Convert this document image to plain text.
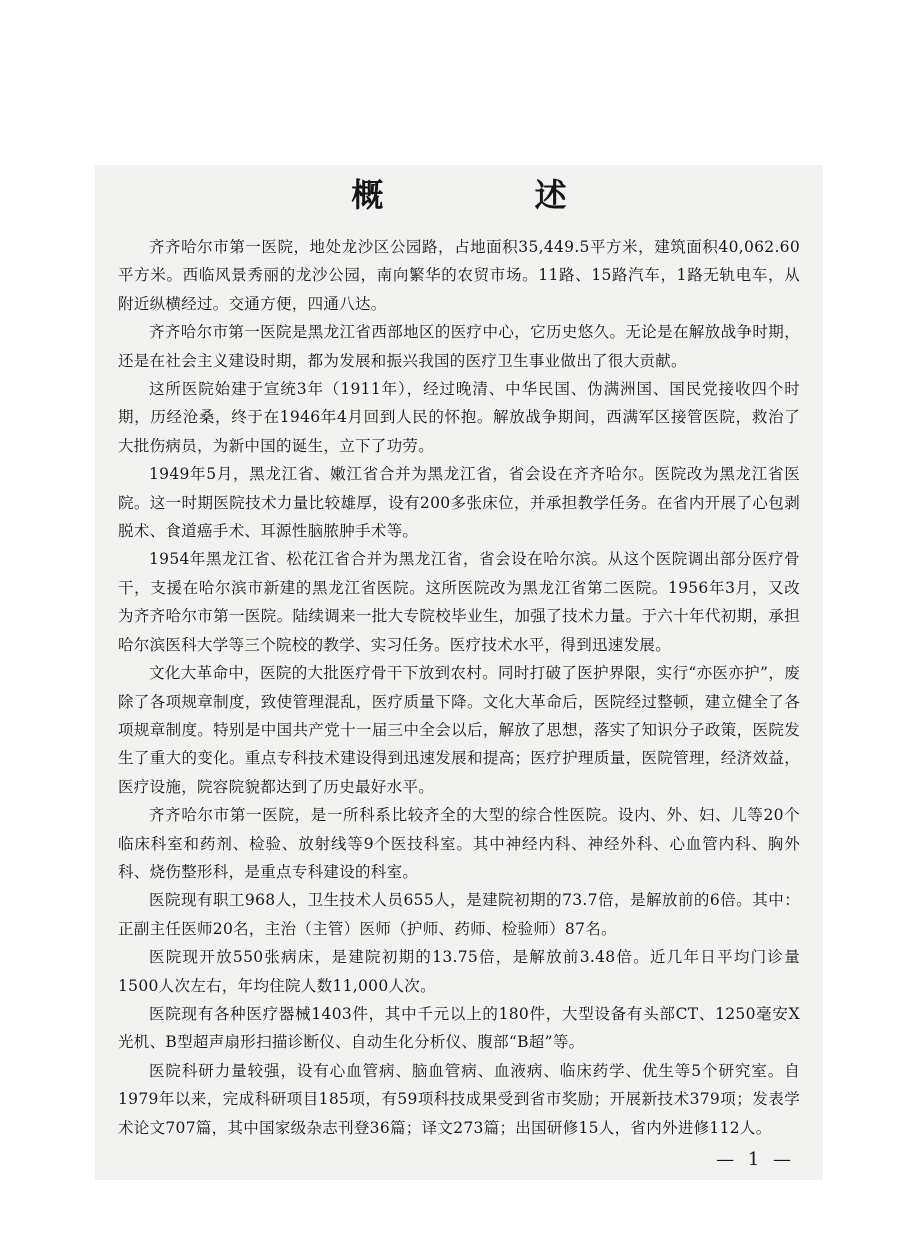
概 述

齐齐哈尔市第一医院，地处龙沙区公园路，占地面积35,449.5平方米，建筑面积40,062.60平方米。西临风景秀丽的龙沙公园，南向繁华的农贸市场。11路、15路汽车，1路无轨电车，从附近纵横经过。交通方便，四通八达。

齐齐哈尔市第一医院是黑龙江省西部地区的医疗中心，它历史悠久。无论是在解放战争时期，还是在社会主义建设时期，都为发展和振兴我国的医疗卫生事业做出了很大贡献。

这所医院始建于宣统3年（1911年），经过晚清、中华民国、伪满洲国、国民党接收四个时期，历经沧桑，终于在1946年4月回到人民的怀抱。解放战争期间，西满军区接管医院，救治了大批伤病员，为新中国的诞生，立下了功劳。

1949年5月，黑龙江省、嫩江省合并为黑龙江省，省会设在齐齐哈尔。医院改为黑龙江省医院。这一时期医院技术力量比较雄厚，设有200多张床位，并承担教学任务。在省内开展了心包剥脱术、食道癌手术、耳源性脑脓肿手术等。

1954年黑龙江省、松花江省合并为黑龙江省，省会设在哈尔滨。从这个医院调出部分医疗骨干，支援在哈尔滨市新建的黑龙江省医院。这所医院改为黑龙江省第二医院。1956年3月，又改为齐齐哈尔市第一医院。陆续调来一批大专院校毕业生，加强了技术力量。于六十年代初期，承担哈尔滨医科大学等三个院校的教学、实习任务。医疗技术水平，得到迅速发展。

文化大革命中，医院的大批医疗骨干下放到农村。同时打破了医护界限，实行“亦医亦护”，废除了各项规章制度，致使管理混乱，医疗质量下降。文化大革命后，医院经过整顿，建立健全了各项规章制度。特别是中国共产党十一届三中全会以后，解放了思想，落实了知识分子政策，医院发生了重大的变化。重点专科技术建设得到迅速发展和提高；医疗护理质量，医院管理，经济效益，医疗设施，院容院貌都达到了历史最好水平。

齐齐哈尔市第一医院，是一所科系比较齐全的大型的综合性医院。设内、外、妇、儿等20个临床科室和药剂、检验、放射线等9个医技科室。其中神经内科、神经外科、心血管内科、胸外科、烧伤整形科，是重点专科建设的科室。

医院现有职工968人，卫生技术人员655人，是建院初期的73.7倍，是解放前的6倍。其中：正副主任医师20名，主治（主管）医师（护师、药师、检验师）87名。

医院现开放550张病床，是建院初期的13.75倍，是解放前3.48倍。近几年日平均门诊量1500人次左右，年均住院人数11,000人次。

医院现有各种医疗器械1403件，其中千元以上的180件，大型设备有头部CT、1250毫安X光机、B型超声扇形扫描诊断仪、自动生化分析仪、腹部“B超”等。

医院科研力量较强，设有心血管病、脑血管病、血液病、临床药学、优生等5个研究室。自1979年以来，完成科研项目185项，有59项科技成果受到省市奖励；开展新技术379项；发表学术论文707篇，其中国家级杂志刊登36篇；译文273篇；出国研修15人，省内外进修112人。

— 1 —
